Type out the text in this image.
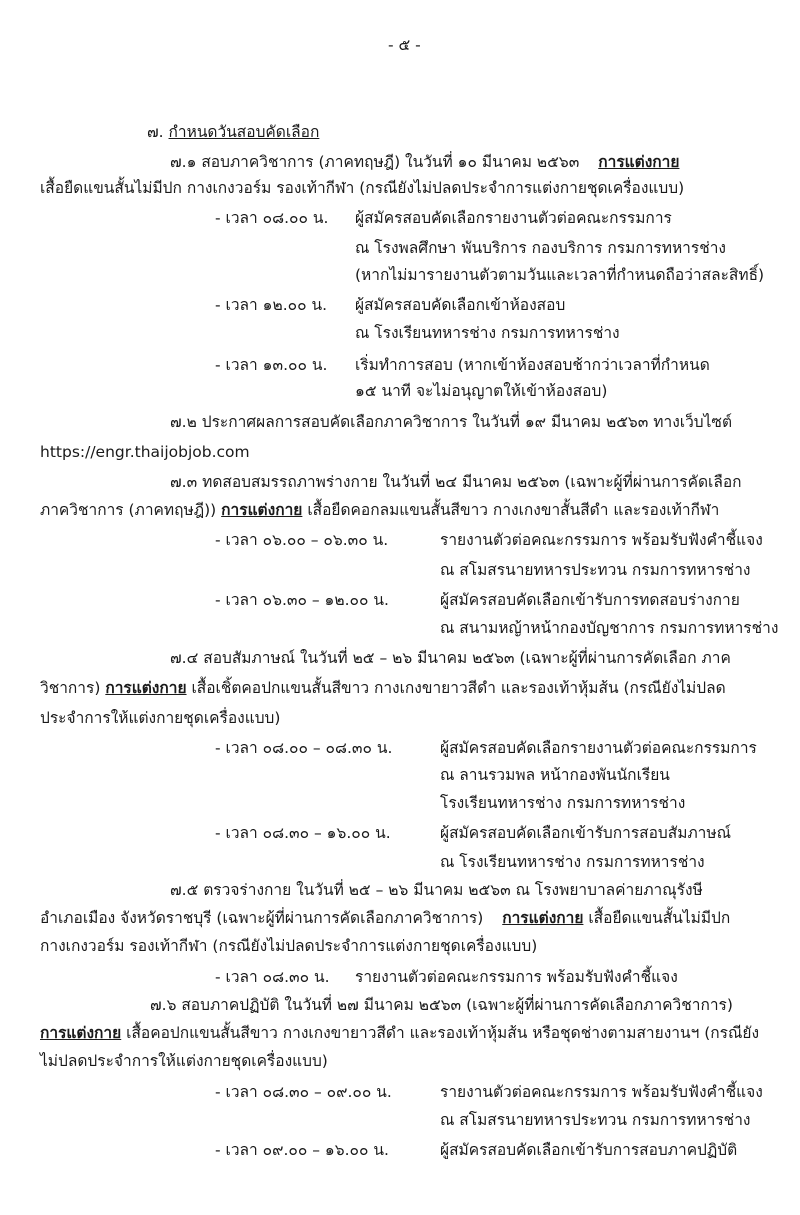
- ๕ -
๗. กำหนดวันสอบคัดเลือก
๗.๑ สอบภาควิชาการ (ภาคทฤษฎี) ในวันที่ ๑๐ มีนาคม ๒๕๖๓ การแต่งกาย
เสื้อยืดแขนสั้นไม่มีปก กางเกงวอร์ม รองเท้ากีฬา (กรณียังไม่ปลดประจำการแต่งกายชุดเครื่องแบบ)
- เวลา ๐๘.๐๐ น. ผู้สมัครสอบคัดเลือกรายงานตัวต่อคณะกรรมการ
ณ โรงพลศึกษา พันบริการ กองบริการ กรมการทหารช่าง
(หากไม่มารายงานตัวตามวันและเวลาที่กำหนดถือว่าสละสิทธิ์)
- เวลา ๑๒.๐๐ น. ผู้สมัครสอบคัดเลือกเข้าห้องสอบ
ณ โรงเรียนทหารช่าง กรมการทหารช่าง
- เวลา ๑๓.๐๐ น. เริ่มทำการสอบ (หากเข้าห้องสอบช้ากว่าเวลาที่กำหนด
๑๕ นาที จะไม่อนุญาตให้เข้าห้องสอบ)
๗.๒ ประกาศผลการสอบคัดเลือกภาควิชาการ ในวันที่ ๑๙ มีนาคม ๒๕๖๓ ทางเว็บไซต์
https://engr.thaijobjob.com
๗.๓ ทดสอบสมรรถภาพร่างกาย ในวันที่ ๒๔ มีนาคม ๒๕๖๓ (เฉพาะผู้ที่ผ่านการคัดเลือก
ภาควิชาการ (ภาคทฤษฎี)) การแต่งกาย เสื้อยืดคอกลมแขนสั้นสีขาว กางเกงขาสั้นสีดำ และรองเท้ากีฬา
- เวลา ๐๖.๐๐ – ๐๖.๓๐ น.	รายงานตัวต่อคณะกรรมการ พร้อมรับฟังคำชี้แจง
ณ สโมสรนายทหารประทวน กรมการทหารช่าง
- เวลา ๐๖.๓๐ – ๑๒.๐๐ น.	ผู้สมัครสอบคัดเลือกเข้ารับการทดสอบร่างกาย
ณ สนามหญ้าหน้ากองบัญชาการ กรมการทหารช่าง
๗.๔ สอบสัมภาษณ์ ในวันที่ ๒๕ – ๒๖ มีนาคม ๒๕๖๓ (เฉพาะผู้ที่ผ่านการคัดเลือก ภาค
วิชาการ) การแต่งกาย เสื้อเชิ้ตคอปกแขนสั้นสีขาว กางเกงขายาวสีดำ และรองเท้าหุ้มส้น (กรณียังไม่ปลด
ประจำการให้แต่งกายชุดเครื่องแบบ)
- เวลา ๐๘.๐๐ – ๐๘.๓๐ น.	ผู้สมัครสอบคัดเลือกรายงานตัวต่อคณะกรรมการ
ณ ลานรวมพล หน้ากองพันนักเรียน
โรงเรียนทหารช่าง กรมการทหารช่าง
- เวลา ๐๘.๓๐ – ๑๖.๐๐ น.	ผู้สมัครสอบคัดเลือกเข้ารับการสอบสัมภาษณ์
ณ โรงเรียนทหารช่าง กรมการทหารช่าง
๗.๕ ตรวจร่างกาย ในวันที่ ๒๕ – ๒๖ มีนาคม ๒๕๖๓ ณ โรงพยาบาลค่ายภาณุรังษี
อำเภอเมือง จังหวัดราชบุรี (เฉพาะผู้ที่ผ่านการคัดเลือกภาควิชาการ) การแต่งกาย เสื้อยืดแขนสั้นไม่มีปก
กางเกงวอร์ม รองเท้ากีฬา (กรณียังไม่ปลดประจำการแต่งกายชุดเครื่องแบบ)
- เวลา ๐๘.๓๐ น. รายงานตัวต่อคณะกรรมการ พร้อมรับฟังคำชี้แจง
๗.๖ สอบภาคปฏิบัติ ในวันที่ ๒๗ มีนาคม ๒๕๖๓ (เฉพาะผู้ที่ผ่านการคัดเลือกภาควิชาการ)
การแต่งกาย เสื้อคอปกแขนสั้นสีขาว กางเกงขายาวสีดำ และรองเท้าหุ้มส้น หรือชุดช่างตามสายงานฯ (กรณียัง
ไม่ปลดประจำการให้แต่งกายชุดเครื่องแบบ)
- เวลา ๐๘.๓๐ – ๐๙.๐๐ น.	รายงานตัวต่อคณะกรรมการ พร้อมรับฟังคำชี้แจง
ณ สโมสรนายทหารประทวน กรมการทหารช่าง
- เวลา ๐๙.๐๐ – ๑๖.๐๐ น.	ผู้สมัครสอบคัดเลือกเข้ารับการสอบภาคปฏิบัติ
